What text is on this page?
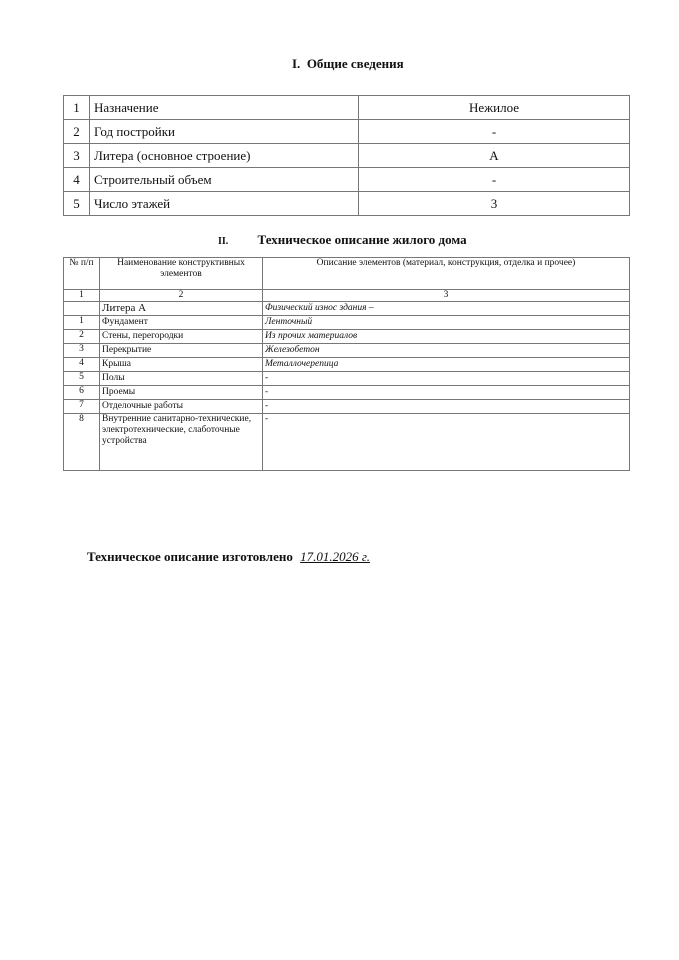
I. Общие сведения
1	Назначение	Нежилое
2	Год постройки	-
3	Литера (основное строение)	А
4	Строительный объем	-
5	Число этажей	3
II. Техническое описание жилого дома
№ п/п	Наименование конструктивных элементов	Описание элементов (материал, конструкция, отделка и прочее)
1	2	3
	Литера А	Физический износ здания –
1	Фундамент	Ленточный
2	Стены, перегородки	Из прочих материалов
3	Перекрытие	Железобетон
4	Крыша	Металлочерепица
5	Полы	-
6	Проемы	-
7	Отделочные работы	-
8	Внутренние санитарно-технические, электротехнические, слаботочные устройства	-
Техническое описание изготовлено 17.01.2026 г.
